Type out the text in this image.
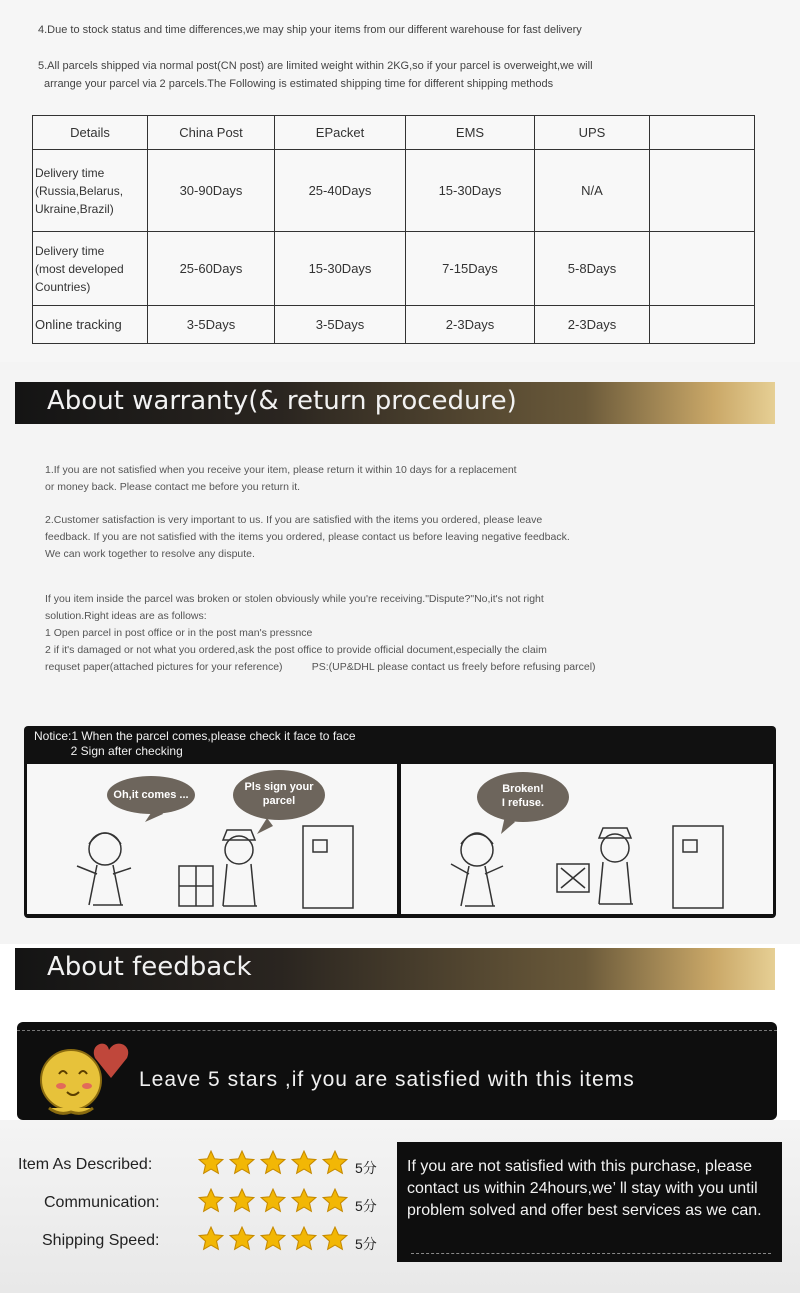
4.Due to stock status and time differences,we may ship your items from our different warehouse for fast delivery
5.All parcels shipped via normal post(CN post) are limited weight within 2KG,so if your parcel is overweight,we will
arrange your parcel via 2 parcels.The Following is estimated shipping time for different shipping methods
Details	China Post	EPacket	EMS	UPS	

Delivery time
(Russia,Belarus,
Ukraine,Brazil)	30-90Days	25-40Days	15-30Days	N/A	

Delivery time
(most developed
Countries)	25-60Days	15-30Days	7-15Days	5-8Days	

Online tracking	3-5Days	3-5Days	2-3Days	2-3Days	
About warranty(& return procedure)
1.If you are not satisfied when you receive your item, please return it within 10 days for a replacement
or money back. Please contact me before you return it.
2.Customer satisfaction is very important to us. If you are satisfied with the items you ordered, please leave
feedback. If you are not satisfied with the items you ordered, please contact us before leaving negative feedback.
We can work together to resolve any dispute.
If you item inside the parcel was broken or stolen obviously while you're receiving."Dispute?"No,it's not right
solution.Right ideas are as follows:
1 Open parcel in post office or in the post man's pressnce
2 if it's damaged or not what you ordered,ask the post office to provide official document,especially the claim
requset paper(attached pictures for your reference)          PS:(UP&DHL please contact us freely before refusing parcel)
Notice:1 When the parcel comes,please check it face to face
2 Sign after checking
Oh,it comes ...
Pls sign your parcel
Broken!
I refuse.
About feedback
Leave 5 stars ,if you are satisfied with this items
Item As Described:
Communication:
Shipping Speed:
5分
5分
5分
If you are not satisfied with this purchase, please contact us within 24hours,we’ ll stay with you until problem solved and offer best services as we can.
